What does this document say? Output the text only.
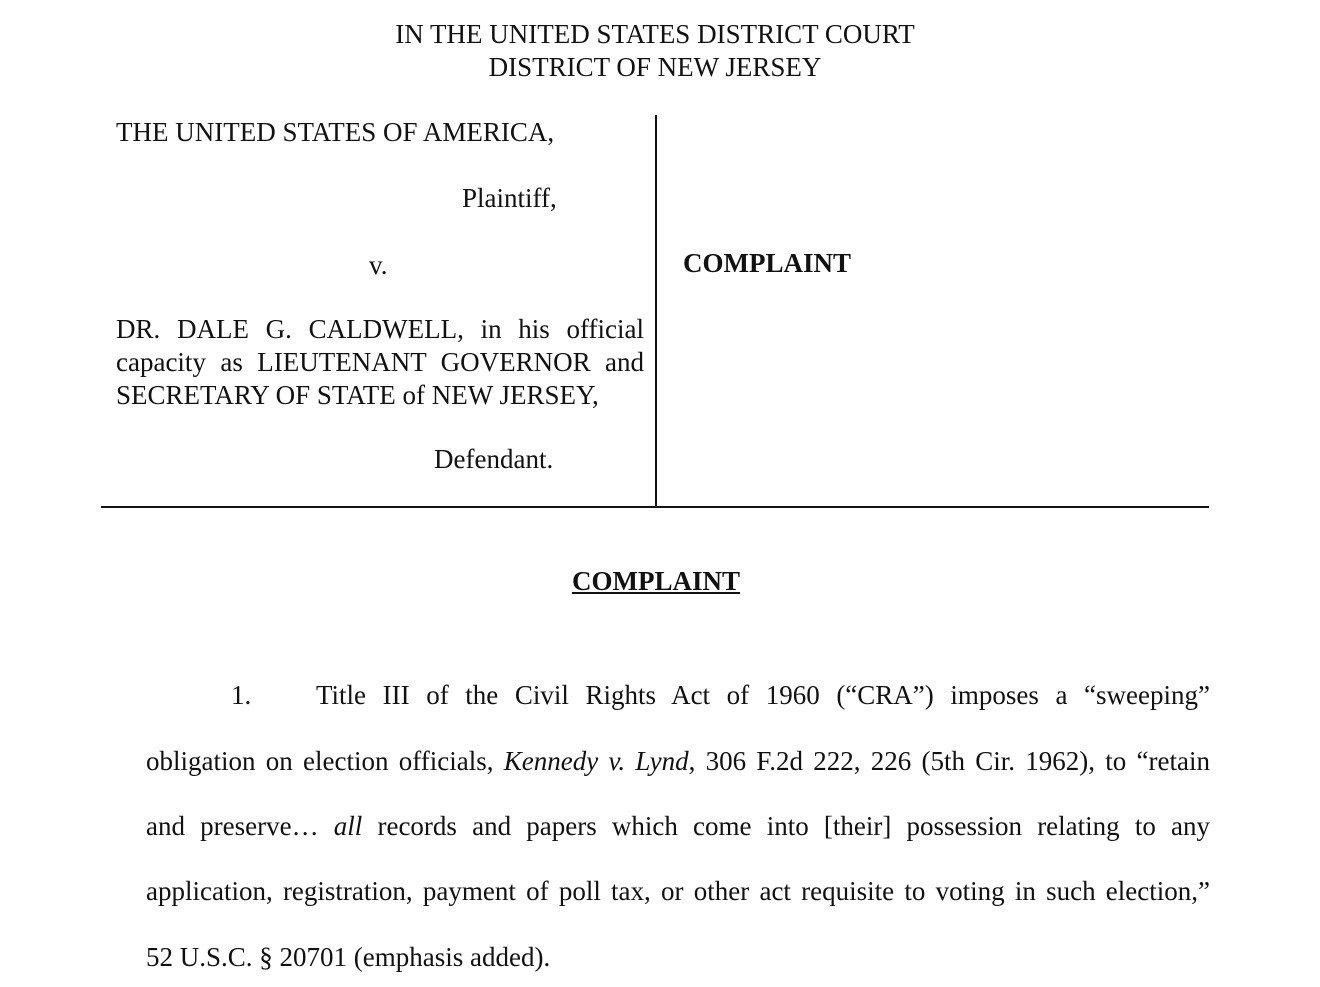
IN THE UNITED STATES DISTRICT COURT
DISTRICT OF NEW JERSEY
THE UNITED STATES OF AMERICA,
Plaintiff,
v.
DR. DALE G. CALDWELL, in his official
capacity as LIEUTENANT GOVERNOR and
SECRETARY OF STATE of NEW JERSEY,
Defendant.
COMPLAINT
COMPLAINT
1. Title III of the Civil Rights Act of 1960 (“CRA”) imposes a “sweeping”
obligation on election officials, Kennedy v. Lynd, 306 F.2d 222, 226 (5th Cir. 1962), to “retain
and preserve… all records and papers which come into [their] possession relating to any
application, registration, payment of poll tax, or other act requisite to voting in such election,”
52 U.S.C. § 20701 (emphasis added).
